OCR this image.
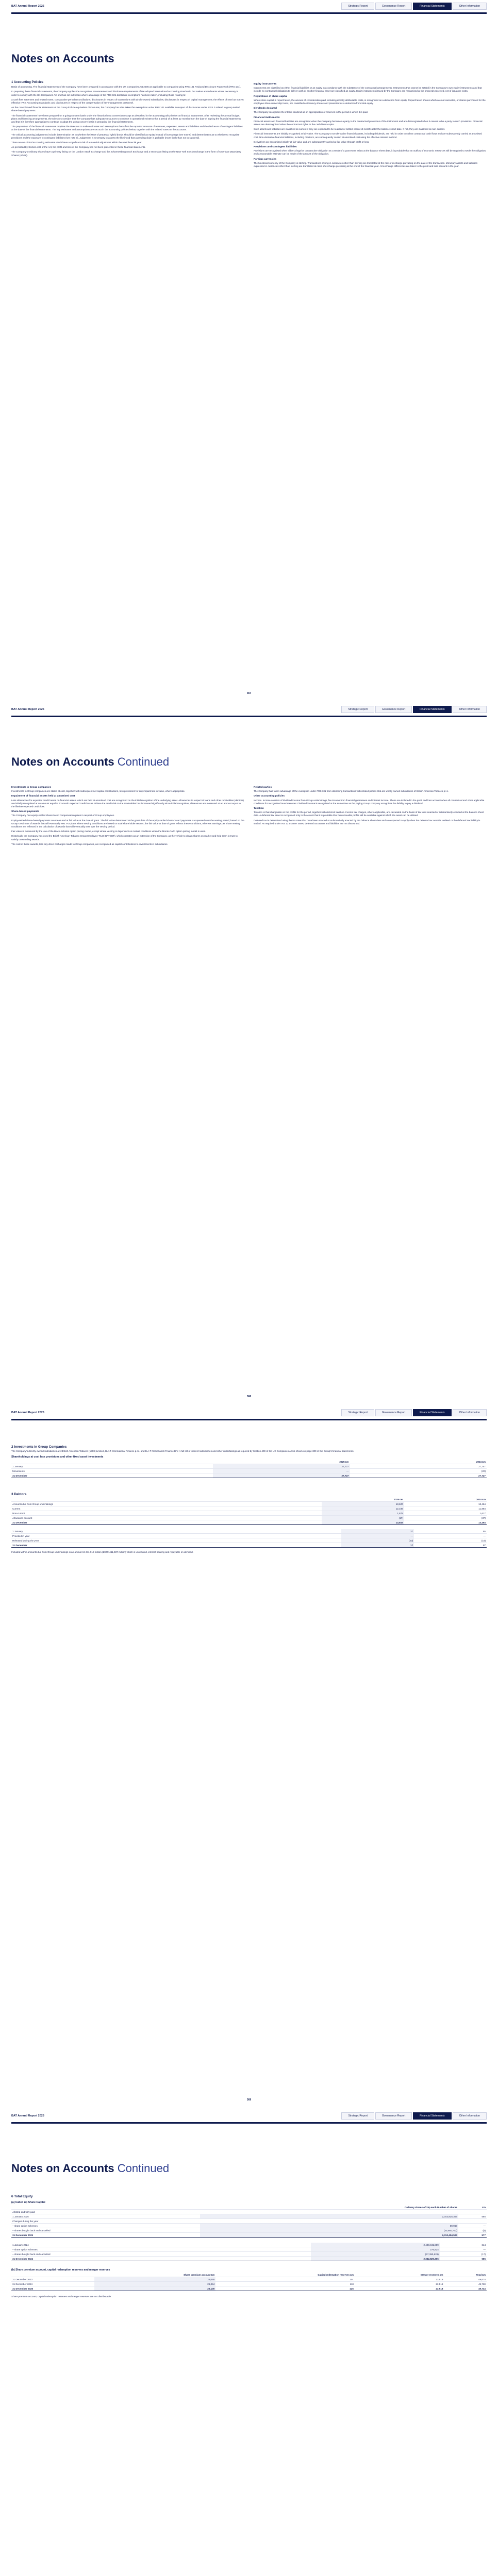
BAT Annual Report 2025	Strategic Report	Governance Report	Financial Statements	Other Information
Notes on Accounts
1 Accounting Policies

Basis of accounting. The financial statements of the Company have been prepared in accordance with the UK Companies Act 2006 as applicable to companies using FRS 101 Reduced Disclosure Framework (FRS 101).

In preparing these financial statements, the Company applies the recognition, measurement and disclosure requirements of UK-adopted international accounting standards, but makes amendments where necessary in order to comply with the UK Companies Act and has set out below where advantage of the FRS 101 disclosure exemptions has been taken, including those relating to:

a cash flow statement and related notes; comparative period reconciliations; disclosures in respect of transactions with wholly owned subsidiaries; disclosures in respect of capital management; the effects of new but not yet effective IFRS Accounting Standards; and disclosures in respect of the compensation of key management personnel.

As the consolidated financial statements of the Group include equivalent disclosures, the Company has also taken the exemptions under FRS 101 available in respect of disclosures under IFRS 2 related to group settled share-based payments.

The financial statements have been prepared on a going concern basis under the historical cost convention except as described in the accounting policy below on financial instruments. After reviewing the annual budget, plans and financing arrangements, the Directors consider that the Company has adequate resources to continue in operational existence for a period of at least 12 months from the date of signing the financial statements and that it is therefore appropriate to continue to adopt the going concern basis in preparing the financial statements.

The preparation of the financial statements requires the Directors to make estimates and assumptions that affect the reported amounts of revenues, expenses, assets and liabilities and the disclosure of contingent liabilities at the date of the financial statements. The key estimates and assumptions are set out in the accounting policies below, together with the related notes on the accounts.

The critical accounting judgements include determination as to whether the issue of perpetual hybrid bonds should be classified as equity instead of borrowings (see note 6) and determination as to whether to recognise provisions and the exposure to contingent liabilities (see note 7). Judgement is necessary to assess the likelihood that a pending claim is probable (more likely than not to succeed).

There are no critical accounting estimates which have a significant risk of a material adjustment within the next financial year.

As permitted by Section 408 of the Act, the profit and loss of the Company has not been presented in these financial statements.

The Company's ordinary shares have a primary listing on the London Stock Exchange and the Johannesburg Stock Exchange and a secondary listing on the New York Stock Exchange in the form of American Depositary Shares (ADSs).

Equity instruments

Instruments are classified as either financial liabilities or as equity in accordance with the substance of the contractual arrangements. Instruments that cannot be settled in the Company's own equity instruments and that include no contractual obligation to deliver cash or another financial asset are classified as equity. Equity instruments issued by the Company are recognised at the proceeds received, net of issuance costs.

Repurchase of share capital

When share capital is repurchased, the amount of consideration paid, including directly attributable costs, is recognised as a deduction from equity. Repurchased shares which are not cancelled, or shares purchased for the employee share ownership trusts, are classified as treasury shares and presented as a deduction from total equity.

Dividends declared

The Company recognises the interim dividend as an appropriation of reserves in the period in which it is paid.

Financial instruments

Financial assets and financial liabilities are recognised when the Company becomes a party to the contractual provisions of the instrument and are derecognised when it ceases to be a party to such provisions. Financial assets are derecognised when the contractual rights to the cash flows expire.

Such assets and liabilities are classified as current if they are expected to be realised or settled within 12 months after the balance sheet date. If not, they are classified as non-current.

Financial instruments are initially recognised at fair value. The Company's non-derivative financial assets, including dividends, are held in order to collect contractual cash flows and are subsequently carried at amortised cost. Non-derivative financial liabilities, including creditors, are subsequently carried at amortised cost using the effective interest method.

Derivatives are recognised initially at fair value and are subsequently carried at fair value through profit or loss.

Provisions and contingent liabilities

Provisions are recognised when either a legal or constructive obligation as a result of a past event exists at the balance sheet date, it is probable that an outflow of economic resources will be required to settle the obligation, and a reasonable estimate can be made of the amount of the obligation.

Foreign currencies

The functional currency of the Company is sterling. Transactions arising in currencies other than sterling are translated at the rate of exchange prevailing on the date of the transaction. Monetary assets and liabilities expressed in currencies other than sterling are translated at rates of exchange prevailing at the end of the financial year. All exchange differences are taken to the profit and loss account in the year.

367
BAT Annual Report 2025	Strategic Report	Governance Report	Financial Statements	Other Information
Notes on Accounts Continued
Investments in Group companies

Investments in Group companies are stated at cost, together with subsequent net capital contributions, less provisions for any impairment in value, where appropriate.

Impairment of financial assets held at amortised cost

Loss allowances for expected credit losses on financial assets which are held at amortised cost are recognised on the initial recognition of the underlying asset. Allowances in respect of loans and other receivables (debtors) are initially recognised at an amount equal to 12-month expected credit losses. Where the credit risk on the receivables has increased significantly since initial recognition, allowances are measured at an amount equal to the lifetime expected credit loss.

Share-based payments

The Company has equity-settled share-based compensation plans in respect of Group employees.

Equity-settled share-based payments are measured at fair value at the date of grant. The fair value determined at the grant date of the equity-settled share-based payments is expensed over the vesting period, based on the Group's estimate of awards that will eventually vest. For plans where vesting conditions are based on total shareholder returns, the fair value at date of grant reflects these conditions, whereas earnings per share vesting conditions are reflected in the calculation of awards that will eventually vest over the vesting period.

Fair value is measured by the use of the Black-Scholes option pricing model, except where vesting is dependent on market conditions when the Monte-Carlo option pricing model is used.

Historically, the Company has used the British American Tobacco Group Employee Trust (BATGET), which operates as an extension of the Company, as the vehicle to obtain shares on market and hold them in trust to satisfy outstanding awards.

The cost of these awards, less any direct recharges made to Group companies, are recognised as capital contributions to investments in subsidiaries.

Related parties

The Company has taken advantage of the exemption under FRS 101 from disclosing transactions with related parties that are wholly owned subsidiaries of British American Tobacco p.l.c.

Other accounting policies

Income. Income consists of dividend income from Group undertakings, fee income from financial guarantees and interest income. These are included in the profit and loss account when all contractual and other applicable conditions for recognition have been met. Dividend income is recognised at the same time as the paying Group company recognises the liability to pay a dividend.

Taxation

Taxation is that chargeable on the profits for the period, together with deferred taxation. Income tax charges, where applicable, are calculated on the basis of tax laws enacted or substantively enacted at the balance sheet date. A deferred tax asset is recognised only to the extent that it is probable that future taxable profits will be available against which the asset can be utilised.

Deferred tax is determined using the tax rates that have been enacted or substantively enacted by the balance sheet date and are expected to apply when the deferred tax asset is realised or the deferred tax liability is settled. As required under IAS 12 Income Taxes, deferred tax assets and liabilities are not discounted.

368
BAT Annual Report 2025	Strategic Report	Governance Report	Financial Statements	Other Information
2 Investments in Group Companies

The Company's directly owned subsidiaries are British American Tobacco (1998) Limited, B.A.T. International Finance p.l.c. and B.A.T Netherlands Finance B.V. A full list of indirect subsidiaries and other undertakings as required by Section 409 of the UK Companies Act is shown on page 309 of the Group's financial statements.

Shareholdings at cost less provisions and other fixed asset investments
	2025 £m	2024 £m
1 January	27,727	27,747
Movements	—	(20)
31 December	27,727	27,727
3 Debtors
	2025 £m	2024 £m
Amounts due from Group undertakings	13,847	13,464
Current	12,186	11,884
Non-current	1,678	1,617
Allowance account	(17)	(37)
31 December	13,847	13,464
1 January	37	55
Provided in year	—	—
Released during the year	(20)	(18)
31 December	17	37

Included within amounts due from Group undertakings is an amount of £11,918 million (2024: £11,687 million) which is unsecured, interest bearing and repayable on demand.

369
BAT Annual Report 2025	Strategic Report	Governance Report	Financial Statements	Other Information
Notes on Accounts Continued
6 Total Equity
(a) Called up Share Capital
	Ordinary shares of 25p each Number of shares	£m
Allotted and fully paid		
1 January 2025	2,342,825,306	585
Changes during the year		
– share option schemes	89,960	—
– shares bought back and cancelled	(30,460,763)	(8)
31 December 2025	2,312,454,503	577
1 January 2024	2,408,841,809	614
– share option schemes	275,824	—
– shares bought back and cancelled	(67,390,629)	(17)
31 December 2024	2,342,825,306	585
(b) Share premium account, capital redemption reserves and merger reserves
	Share premium account £m	Capital redemption reserves £m	Merger reserves £m	Total £m
31 December 2023	26,055	101	23,518	49,674
31 December 2024	26,094	118	23,518	49,730
31 December 2025	26,100	126	23,518	49,744

Share premium account, capital redemption reserves and merger reserves are not distributable.
